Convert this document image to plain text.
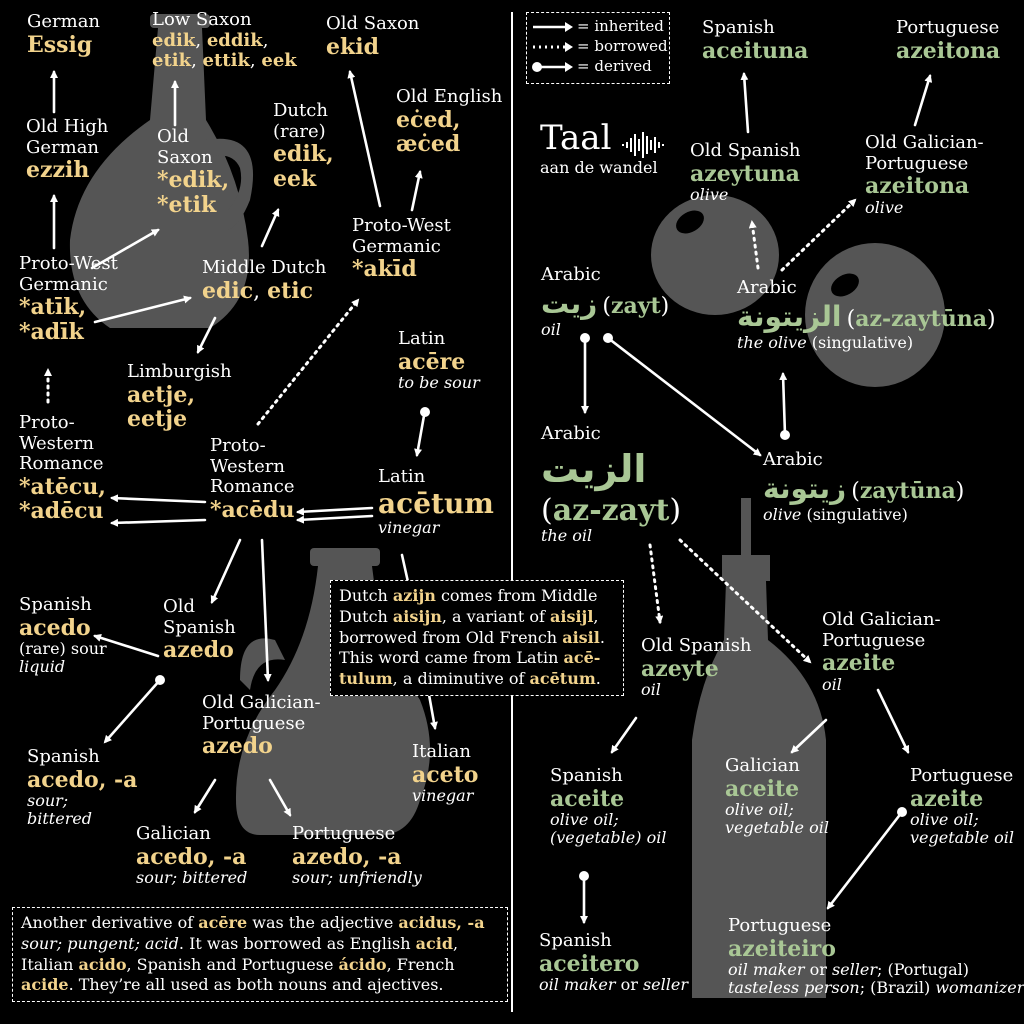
= inherited
= borrowed
= derived
Taal
aan de wandel
German
Essig
Low Saxon
edik, eddik,
etik, ettik, eek
Old Saxon
ekid
Old High
German
ezzih
Old
Saxon
*edik,
*etik
Dutch
(rare)
edik,
eek
Old English
eċed,
æċed
Proto-West
Germanic
*atīk,
*adīk
Middle Dutch
edic, etic
Proto-West
Germanic
*akīd
Limburgish
aetje,
eetje
Latin
acēre
to be sour
Proto-
Western
Romance
*atēcu,
*adēcu
Proto-
Western
Romance
*acēdu
Latin
acētum
vinegar
Spanish
acedo
(rare) sour
liquid
Old
Spanish
azedo
Old Galician-
Portuguese
azedo
Spanish
acedo, -a
sour;
bittered
Italian
aceto
vinegar
Galician
acedo, -a
sour; bittered
Portuguese
azedo, -a
sour; unfriendly
Dutch azijn comes from Middle
Dutch aisijn, a variant of aisijl,
borrowed from Old French aisil.
This word came from Latin acē-
tulum, a diminutive of acētum.
Another derivative of acēre was the adjective acidus, -a
sour; pungent; acid. It was borrowed as English acid,
Italian acido, Spanish and Portuguese ácido, French
acide. They’re all used as both nouns and ajectives.
Spanish
aceituna
Portuguese
azeitona
Old Spanish
azeytuna
olive
Old Galician-
Portuguese
azeitona
olive
Arabic
زيت (zayt)
oil
Arabic
الزيتونة (az-zaytūna)
the olive (singulative)
Arabic
الزيت
(az-zayt)
the oil
Arabic
زيتونة (zaytūna)
olive (singulative)
Old Spanish
azeyte
oil
Old Galician-
Portuguese
azeite
oil
Spanish
aceite
olive oil;
(vegetable) oil
Galician
aceite
olive oil;
vegetable oil
Portuguese
azeite
olive oil;
vegetable oil
Spanish
aceitero
oil maker or seller
Portuguese
azeiteiro
oil maker or seller; (Portugal)
tasteless person; (Brazil) womanizer
